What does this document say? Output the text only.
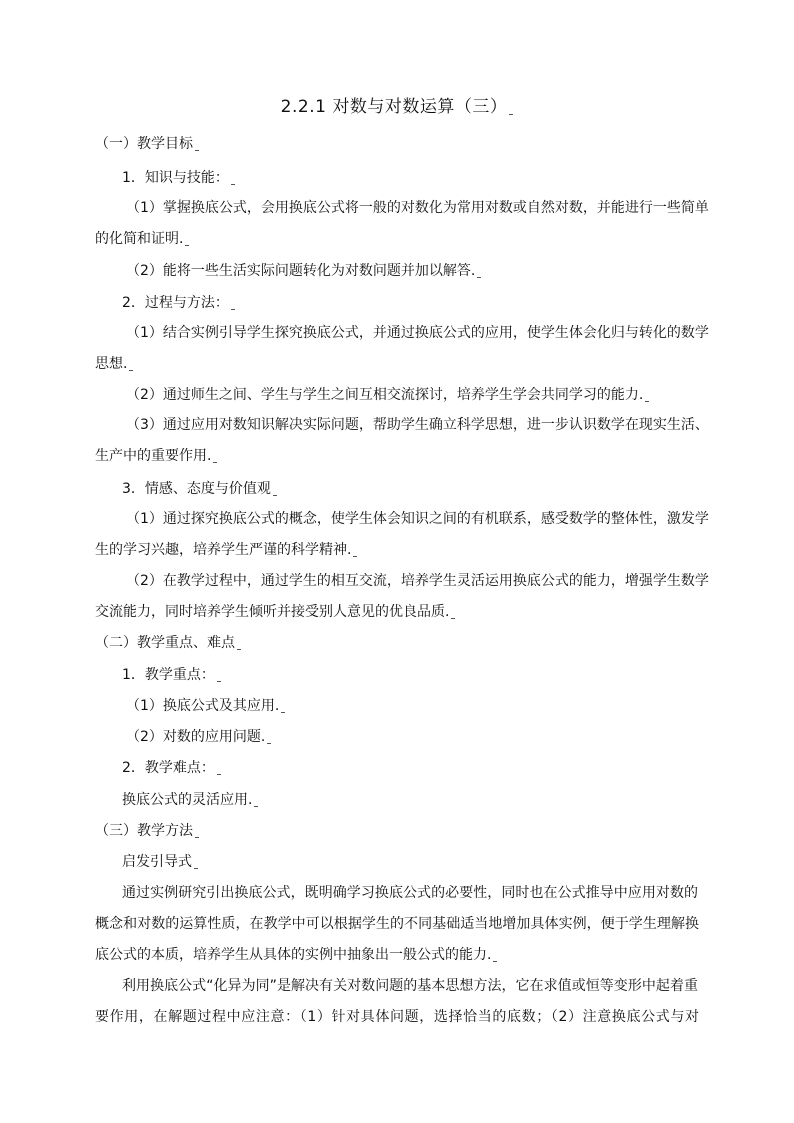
2.2.1 对数与对数运算（三）
（一）教学目标
1．知识与技能：
（1）掌握换底公式，会用换底公式将一般的对数化为常用对数或自然对数，并能进行一些简单
的化简和证明.
（2）能将一些生活实际问题转化为对数问题并加以解答.
2．过程与方法：
（1）结合实例引导学生探究换底公式，并通过换底公式的应用，使学生体会化归与转化的数学
思想.
（2）通过师生之间、学生与学生之间互相交流探讨，培养学生学会共同学习的能力.
（3）通过应用对数知识解决实际问题，帮助学生确立科学思想，进一步认识数学在现实生活、
生产中的重要作用.
3．情感、态度与价值观
（1）通过探究换底公式的概念，使学生体会知识之间的有机联系，感受数学的整体性，激发学
生的学习兴趣，培养学生严谨的科学精神.
（2）在教学过程中，通过学生的相互交流，培养学生灵活运用换底公式的能力，增强学生数学
交流能力，同时培养学生倾听并接受别人意见的优良品质.
（二）教学重点、难点
1．教学重点：
（1）换底公式及其应用.
（2）对数的应用问题.
2．教学难点：
换底公式的灵活应用.
（三）教学方法
启发引导式
通过实例研究引出换底公式，既明确学习换底公式的必要性，同时也在公式推导中应用对数的
概念和对数的运算性质，在教学中可以根据学生的不同基础适当地增加具体实例，便于学生理解换
底公式的本质，培养学生从具体的实例中抽象出一般公式的能力.
利用换底公式“化异为同”是解决有关对数问题的基本思想方法，它在求值或恒等变形中起着重
要作用，在解题过程中应注意：（1）针对具体问题，选择恰当的底数；（2）注意换底公式与对
